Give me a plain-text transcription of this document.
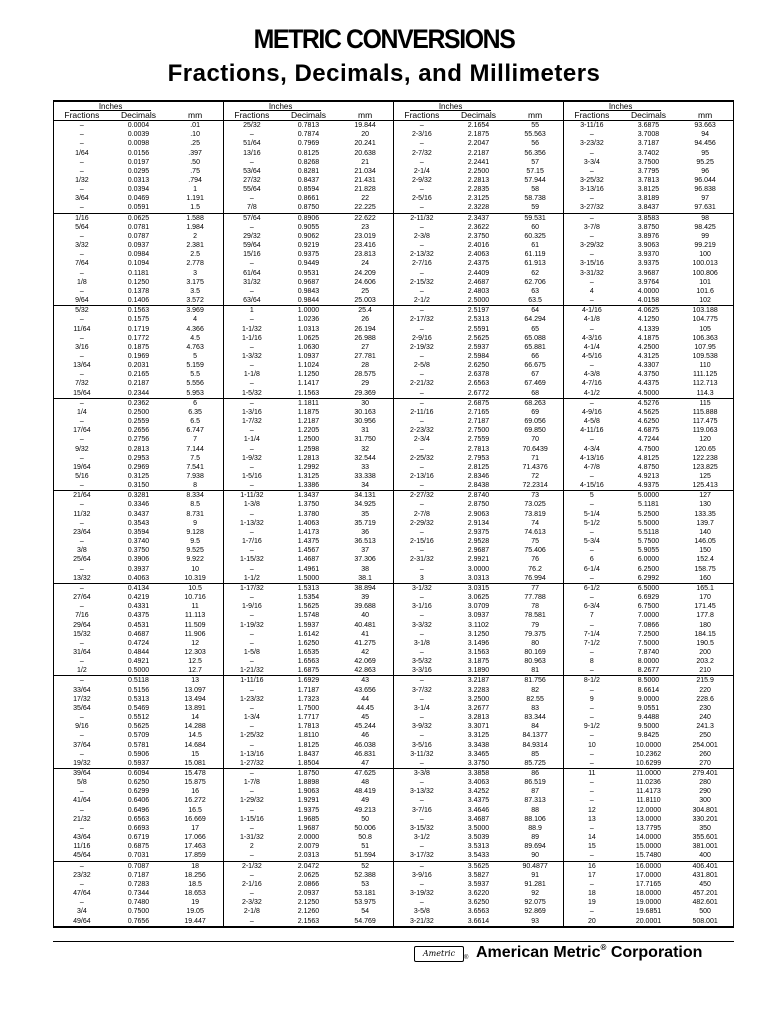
METRIC CONVERSIONS
Fractions, Decimals, and Millimeters
Inches
Fractions	Decimals	mm
–	0.0004	.01
–	0.0039	.10
–	0.0098	.25
1/64	0.0156	.397
–	0.0197	.50
–	0.0295	.75
1/32	0.0313	.794
–	0.0394	1
3/64	0.0469	1.191
–	0.0591	1.5
1/16	0.0625	1.588
5/64	0.0781	1.984
–	0.0787	2
3/32	0.0937	2.381
–	0.0984	2.5
7/64	0.1094	2.778
–	0.1181	3
1/8	0.1250	3.175
–	0.1378	3.5
9/64	0.1406	3.572
5/32	0.1563	3.969
–	0.1575	4
11/64	0.1719	4.366
–	0.1772	4.5
3/16	0.1875	4.763
–	0.1969	5
13/64	0.2031	5.159
–	0.2165	5.5
7/32	0.2187	5.556
15/64	0.2344	5.953
–	0.2362	6
1/4	0.2500	6.35
–	0.2559	6.5
17/64	0.2656	6.747
–	0.2756	7
9/32	0.2813	7.144
–	0.2953	7.5
19/64	0.2969	7.541
5/16	0.3125	7.938
–	0.3150	8
21/64	0.3281	8.334
–	0.3346	8.5
11/32	0.3437	8.731
–	0.3543	9
23/64	0.3594	9.128
–	0.3740	9.5
3/8	0.3750	9.525
25/64	0.3906	9.922
–	0.3937	10
13/32	0.4063	10.319
–	0.4134	10.5
27/64	0.4219	10.716
–	0.4331	11
7/16	0.4375	11.113
29/64	0.4531	11.509
15/32	0.4687	11.906
–	0.4724	12
31/64	0.4844	12.303
–	0.4921	12.5
1/2	0.5000	12.7
–	0.5118	13
33/64	0.5156	13.097
17/32	0.5313	13.494
35/64	0.5469	13.891
–	0.5512	14
9/16	0.5625	14.288
–	0.5709	14.5
37/64	0.5781	14.684
–	0.5906	15
19/32	0.5937	15.081
39/64	0.6094	15.478
5/8	0.6250	15.875
–	0.6299	16
41/64	0.6406	16.272
–	0.6496	16.5
21/32	0.6563	16.669
–	0.6693	17
43/64	0.6719	17.066
11/16	0.6875	17.463
45/64	0.7031	17.859
–	0.7087	18
23/32	0.7187	18.256
–	0.7283	18.5
47/64	0.7344	18.653
–	0.7480	19
3/4	0.7500	19.05
49/64	0.7656	19.447
Inches
Fractions	Decimals	mm
25/32	0.7813	19.844
–	0.7874	20
51/64	0.7969	20.241
13/16	0.8125	20.638
–	0.8268	21
53/64	0.8281	21.034
27/32	0.8437	21.431
55/64	0.8594	21.828
–	0.8661	22
7/8	0.8750	22.225
57/64	0.8906	22.622
–	0.9055	23
29/32	0.9062	23.019
59/64	0.9219	23.416
15/16	0.9375	23.813
–	0.9449	24
61/64	0.9531	24.209
31/32	0.9687	24.606
–	0.9843	25
63/64	0.9844	25.003
1	1.0000	25.4
–	1.0236	26
1-1/32	1.0313	26.194
1-1/16	1.0625	26.988
–	1.0630	27
1-3/32	1.0937	27.781
–	1.1024	28
1-1/8	1.1250	28.575
–	1.1417	29
1-5/32	1.1563	29.369
–	1.1811	30
1-3/16	1.1875	30.163
1-7/32	1.2187	30.956
–	1.2205	31
1-1/4	1.2500	31.750
–	1.2598	32
1-9/32	1.2813	32.544
–	1.2992	33
1-5/16	1.3125	33.338
–	1.3386	34
1-11/32	1.3437	34.131
1-3/8	1.3750	34.925
–	1.3780	35
1-13/32	1.4063	35.719
–	1.4173	36
1-7/16	1.4375	36.513
–	1.4567	37
1-15/32	1.4687	37.306
–	1.4961	38
1-1/2	1.5000	38.1
1-17/32	1.5313	38.894
–	1.5354	39
1-9/16	1.5625	39.688
–	1.5748	40
1-19/32	1.5937	40.481
–	1.6142	41
–	1.6250	41.275
1-5/8	1.6535	42
–	1.6563	42.069
1-21/32	1.6875	42.863
1-11/16	1.6929	43
–	1.7187	43.656
1-23/32	1.7323	44
–	1.7500	44.45
1-3/4	1.7717	45
–	1.7813	45.244
1-25/32	1.8110	46
–	1.8125	46.038
1-13/16	1.8437	46.831
1-27/32	1.8504	47
–	1.8750	47.625
1-7/8	1.8898	48
–	1.9063	48.419
1-29/32	1.9291	49
–	1.9375	49.213
1-15/16	1.9685	50
–	1.9687	50.006
1-31/32	2.0000	50.8
2	2.0079	51
–	2.0313	51.594
2-1/32	2.0472	52
–	2.0625	52.388
2-1/16	2.0866	53
–	2.0937	53.181
2-3/32	2.1250	53.975
2-1/8	2.1260	54
–	2.1563	54.769
Inches
Fractions	Decimals	mm
–	2.1654	55
2-3/16	2.1875	55.563
–	2.2047	56
2-7/32	2.2187	56.356
–	2.2441	57
2-1/4	2.2500	57.15
2-9/32	2.2813	57.944
–	2.2835	58
2-5/16	2.3125	58.738
–	2.3228	59
2-11/32	2.3437	59.531
–	2.3622	60
2-3/8	2.3750	60.325
–	2.4016	61
2-13/32	2.4063	61.119
2-7/16	2.4375	61.913
–	2.4409	62
2-15/32	2.4687	62.706
–	2.4803	63
2-1/2	2.5000	63.5
–	2.5197	64
2-17/32	2.5313	64.294
–	2.5591	65
2-9/16	2.5625	65.088
2-19/32	2.5937	65.881
–	2.5984	66
2-5/8	2.6250	66.675
–	2.6378	67
2-21/32	2.6563	67.469
–	2.6772	68
–	2.6875	68.263
2-11/16	2.7165	69
–	2.7187	69.056
2-23/32	2.7500	69.850
2-3/4	2.7559	70
–	2.7813	70.6439
2-25/32	2.7953	71
–	2.8125	71.4376
2-13/16	2.8346	72
–	2.8438	72.2314
2-27/32	2.8740	73
–	2.8750	73.025
2-7/8	2.9063	73.819
2-29/32	2.9134	74
–	2.9375	74.613
2-15/16	2.9528	75
–	2.9687	75.406
2-31/32	2.9921	76
–	3.0000	76.2
3	3.0313	76.994
3-1/32	3.0315	77
–	3.0625	77.788
3-1/16	3.0709	78
–	3.0937	78.581
3-3/32	3.1102	79
–	3.1250	79.375
3-1/8	3.1496	80
–	3.1563	80.169
3-5/32	3.1875	80.963
3-3/16	3.1890	81
–	3.2187	81.756
3-7/32	3.2283	82
–	3.2500	82.55
3-1/4	3.2677	83
–	3.2813	83.344
3-9/32	3.3071	84
–	3.3125	84.1377
3-5/16	3.3438	84.9314
3-11/32	3.3465	85
–	3.3750	85.725
3-3/8	3.3858	86
–	3.4063	86.519
3-13/32	3.4252	87
–	3.4375	87.313
3-7/16	3.4646	88
–	3.4687	88.106
3-15/32	3.5000	88.9
3-1/2	3.5039	89
–	3.5313	89.694
3-17/32	3.5433	90
–	3.5625	90.4877
3-9/16	3.5827	91
–	3.5937	91.281
3-19/32	3.6220	92
–	3.6250	92.075
3-5/8	3.6563	92.869
3-21/32	3.6614	93
Inches
Fractions	Decimals	mm
3-11/16	3.6875	93.663
–	3.7008	94
3-23/32	3.7187	94.456
–	3.7402	95
3-3/4	3.7500	95.25
–	3.7795	96
3-25/32	3.7813	96.044
3-13/16	3.8125	96.838
–	3.8189	97
3-27/32	3.8437	97.631
–	3.8583	98
3-7/8	3.8750	98.425
–	3.8976	99
3-29/32	3.9063	99.219
–	3.9370	100
3-15/16	3.9375	100.013
3-31/32	3.9687	100.806
–	3.9764	101
4	4.0000	101.6
–	4.0158	102
4-1/16	4.0625	103.188
4-1/8	4.1250	104.775
–	4.1339	105
4-3/16	4.1875	106.363
4-1/4	4.2500	107.95
4-5/16	4.3125	109.538
–	4.3307	110
4-3/8	4.3750	111.125
4-7/16	4.4375	112.713
4-1/2	4.5000	114.3
–	4.5276	115
4-9/16	4.5625	115.888
4-5/8	4.6250	117.475
4-11/16	4.6875	119.063
–	4.7244	120
4-3/4	4.7500	120.65
4-13/16	4.8125	122.238
4-7/8	4.8750	123.825
–	4.9213	125
4-15/16	4.9375	125.413
5	5.0000	127
–	5.1181	130
5-1/4	5.2500	133.35
5-1/2	5.5000	139.7
–	5.5118	140
5-3/4	5.7500	146.05
–	5.9055	150
6	6.0000	152.4
6-1/4	6.2500	158.75
–	6.2992	160
6-1/2	6.5000	165.1
–	6.6929	170
6-3/4	6.7500	171.45
7	7.0000	177.8
–	7.0866	180
7-1/4	7.2500	184.15
7-1/2	7.5000	190.5
–	7.8740	200
8	8.0000	203.2
–	8.2677	210
8-1/2	8.5000	215.9
–	8.6614	220
9	9.0000	228.6
–	9.0551	230
–	9.4488	240
9-1/2	9.5000	241.3
–	9.8425	250
10	10.0000	254.001
–	10.2362	260
–	10.6299	270
11	11.0000	279.401
–	11.0236	280
–	11.4173	290
–	11.8110	300
12	12.0000	304.801
13	13.0000	330.201
–	13.7795	350
14	14.0000	355.601
15	15.0000	381.001
–	15.7480	400
16	16.0000	406.401
17	17.0000	431.801
–	17.7165	450
18	18.0000	457.201
19	19.0000	482.601
–	19.6851	500
20	20.0001	508.001
Ametric	® American Metric® Corporation
